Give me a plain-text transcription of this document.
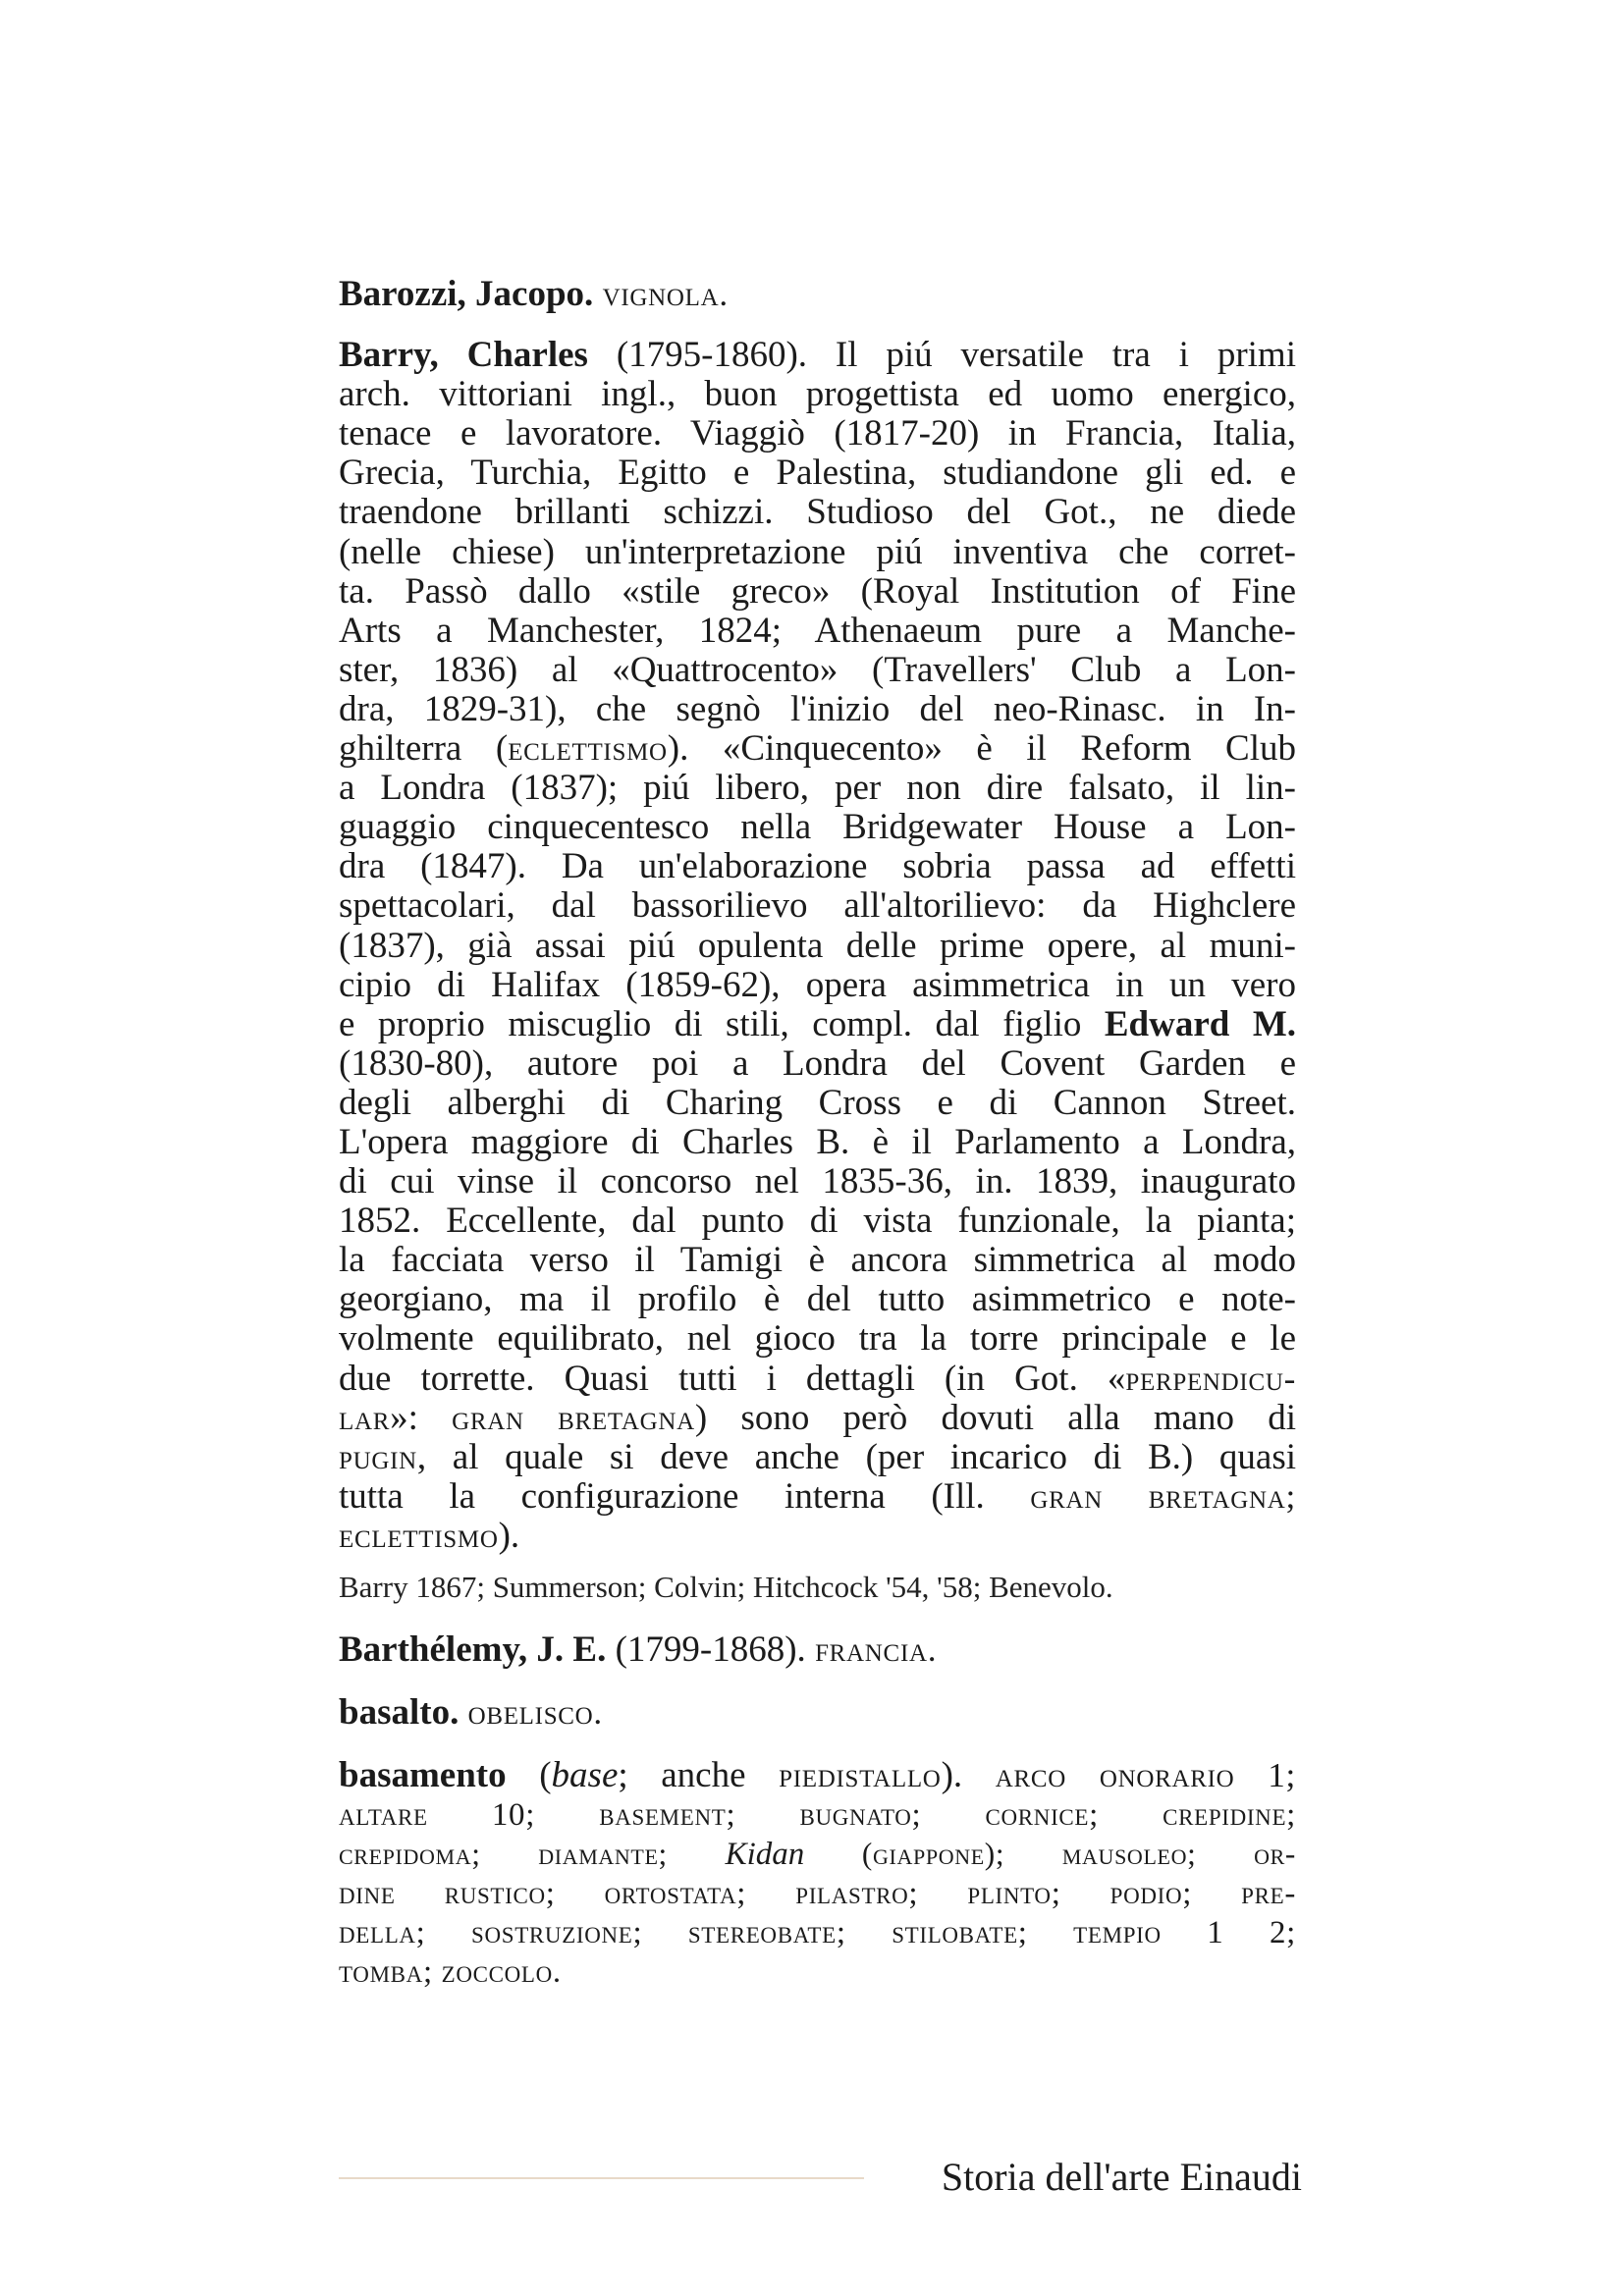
Barozzi, Jacopo. vignola.
Barry, Charles (1795-1860). Il piú versatile tra i primi
arch. vittoriani ingl., buon progettista ed uomo energico,
tenace e lavoratore. Viaggiò (1817-20) in Francia, Italia,
Grecia, Turchia, Egitto e Palestina, studiandone gli ed. e
traendone brillanti schizzi. Studioso del Got., ne diede
(nelle chiese) un'interpretazione piú inventiva che corret-
ta. Passò dallo «stile greco» (Royal Institution of Fine
Arts a Manchester, 1824; Athenaeum pure a Manche-
ster, 1836) al «Quattrocento» (Travellers' Club a Lon-
dra, 1829-31), che segnò l'inizio del neo-Rinasc. in In-
ghilterra (eclettismo). «Cinquecento» è il Reform Club
a Londra (1837); piú libero, per non dire falsato, il lin-
guaggio cinquecentesco nella Bridgewater House a Lon-
dra (1847). Da un'elaborazione sobria passa ad effetti
spettacolari, dal bassorilievo all'altorilievo: da Highclere
(1837), già assai piú opulenta delle prime opere, al muni-
cipio di Halifax (1859-62), opera asimmetrica in un vero
e proprio miscuglio di stili, compl. dal figlio Edward M.
(1830-80), autore poi a Londra del Covent Garden e
degli alberghi di Charing Cross e di Cannon Street.
L'opera maggiore di Charles B. è il Parlamento a Londra,
di cui vinse il concorso nel 1835-36, in. 1839, inaugurato
1852. Eccellente, dal punto di vista funzionale, la pianta;
la facciata verso il Tamigi è ancora simmetrica al modo
georgiano, ma il profilo è del tutto asimmetrico e note-
volmente equilibrato, nel gioco tra la torre principale e le
due torrette. Quasi tutti i dettagli (in Got. «perpendicu-
lar»: gran bretagna) sono però dovuti alla mano di
pugin, al quale si deve anche (per incarico di B.) quasi
tutta la configurazione interna (Ill. gran bretagna;
eclettismo).
Barry 1867; Summerson; Colvin; Hitchcock '54, '58; Benevolo.
Barthélemy, J. E. (1799-1868). francia.
basalto. obelisco.
basamento (base; anche piedistallo). arco onorario 1;
altare 10; basement; bugnato; cornice; crepidine;
crepidoma; diamante; Kidan (giappone); mausoleo; or-
dine rustico; ortostata; pilastro; plinto; podio; pre-
della; sostruzione; stereobate; stilobate; tempio 1 2;
tomba; zoccolo.
Storia dell'arte Einaudi
